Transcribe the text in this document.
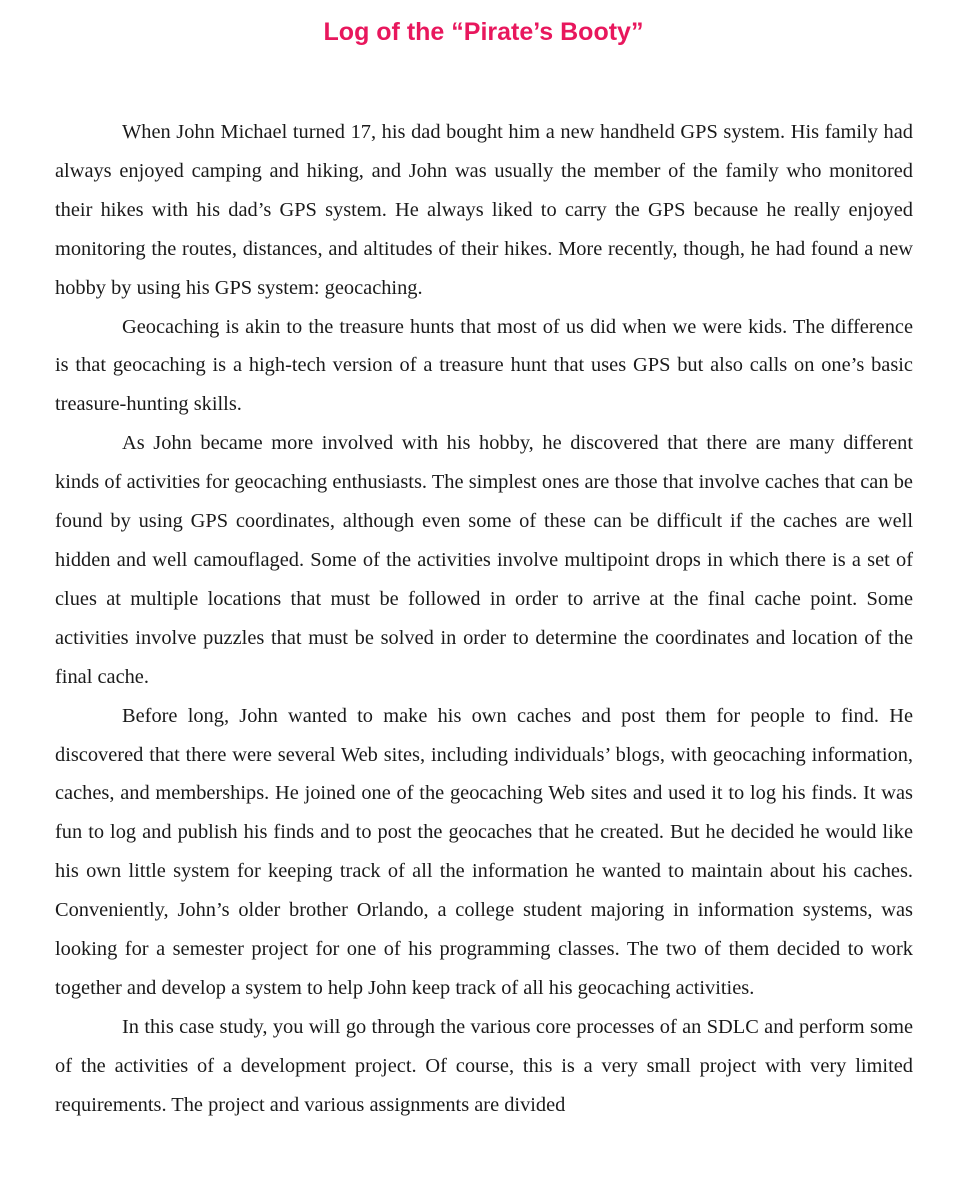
Log of the “Pirate’s Booty”

When John Michael turned 17, his dad bought him a new handheld GPS system. His family had always enjoyed camping and hiking, and John was usually the member of the family who monitored their hikes with his dad’s GPS system. He always liked to carry the GPS because he really enjoyed monitoring the routes, distances, and altitudes of their hikes. More recently, though, he had found a new hobby by using his GPS system: geocaching.

Geocaching is akin to the treasure hunts that most of us did when we were kids. The difference is that geocaching is a high-tech version of a treasure hunt that uses GPS but also calls on one’s basic treasure-hunting skills.

As John became more involved with his hobby, he discovered that there are many different kinds of activities for geocaching enthusiasts. The simplest ones are those that involve caches that can be found by using GPS coordinates, although even some of these can be difficult if the caches are well hidden and well camouflaged. Some of the activities involve multipoint drops in which there is a set of clues at multiple locations that must be followed in order to arrive at the final cache point. Some activities involve puzzles that must be solved in order to determine the coordinates and location of the final cache.

Before long, John wanted to make his own caches and post them for people to find. He discovered that there were several Web sites, including individuals’ blogs, with geocaching information, caches, and memberships. He joined one of the geocaching Web sites and used it to log his finds. It was fun to log and publish his finds and to post the geocaches that he created. But he decided he would like his own little system for keeping track of all the information he wanted to maintain about his caches. Conveniently, John’s older brother Orlando, a college student majoring in information systems, was looking for a semester project for one of his programming classes. The two of them decided to work together and develop a system to help John keep track of all his geocaching activities.

In this case study, you will go through the various core processes of an SDLC and perform some of the activities of a development project. Of course, this is a very small project with very limited requirements. The project and various assignments are divided
